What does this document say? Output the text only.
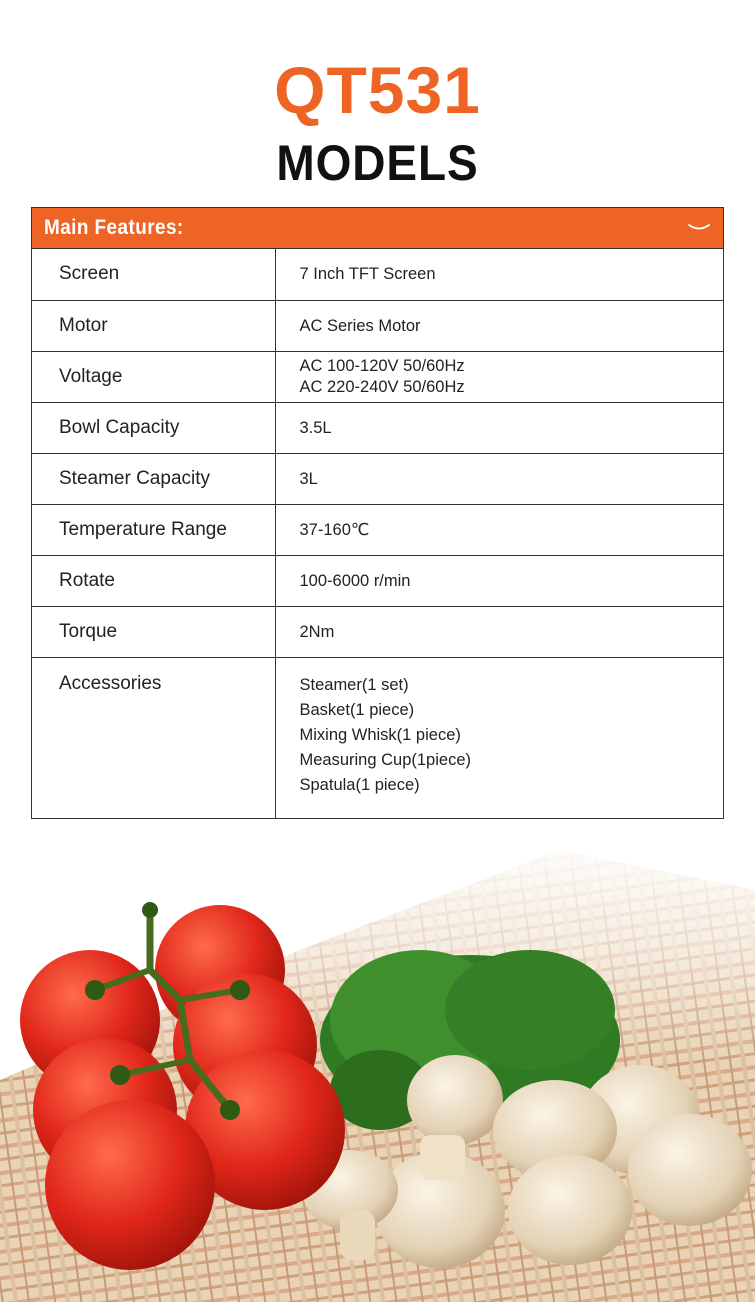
QT531
MODELS
Main Features:
Screen	7 Inch TFT Screen

Motor	AC Series Motor

Voltage	AC 100-120V 50/60Hz
AC 220-240V 50/60Hz

Bowl Capacity	3.5L

Steamer Capacity	3L

Temperature Range	37-160℃

Rotate	100-6000 r/min

Torque	2Nm

Accessories	Steamer(1 set)
Basket(1 piece)
Mixing Whisk(1 piece)
Measuring Cup(1piece)
Spatula(1 piece)
